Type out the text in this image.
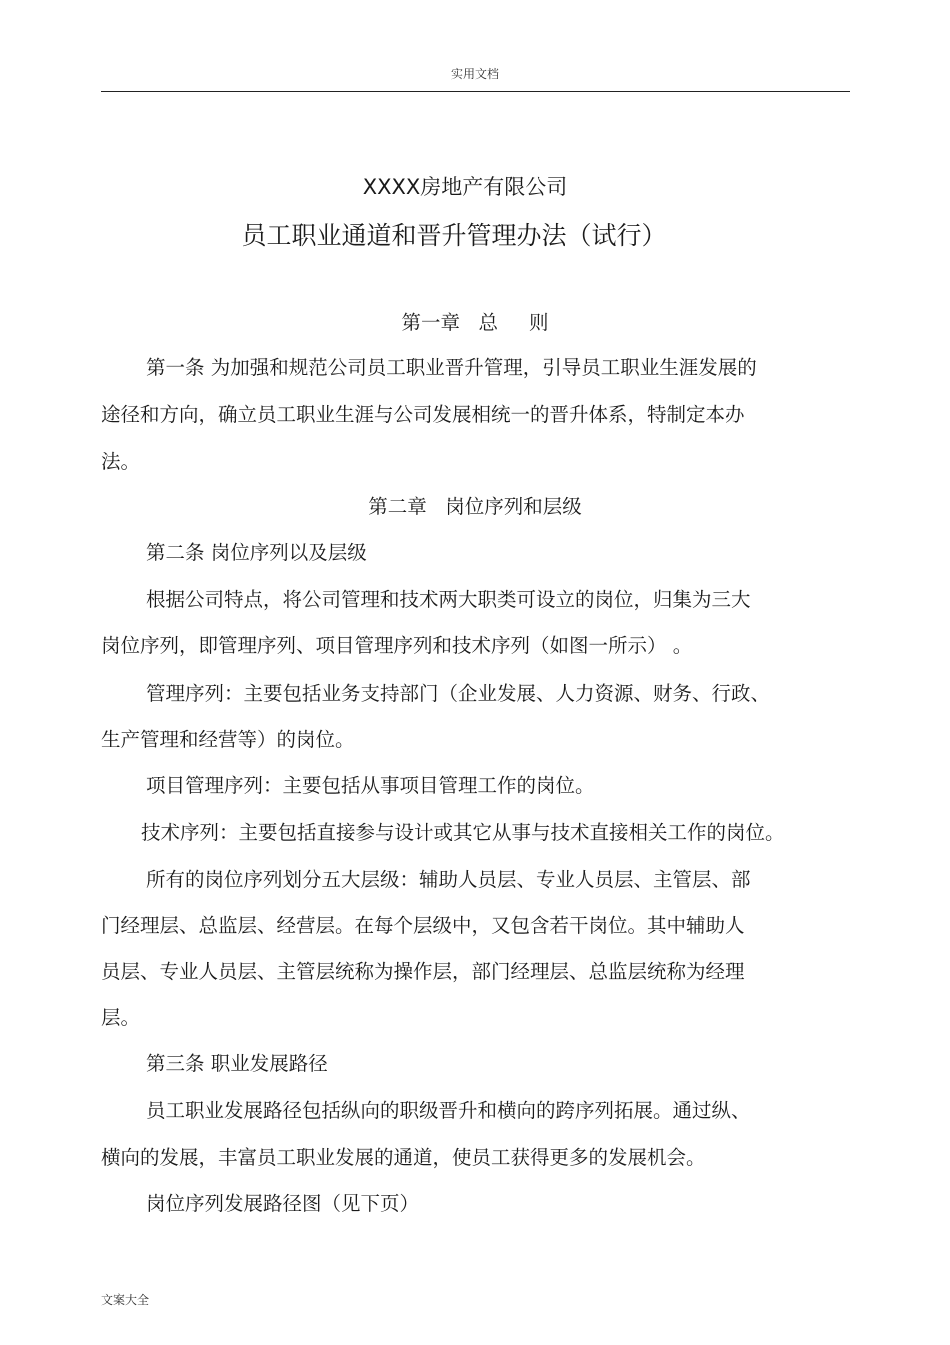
实用文档
XXXX房地产有限公司
员工职业通道和晋升管理办法（试行）
第一章   总     则
第一条 为加强和规范公司员工职业晋升管理，引导员工职业生涯发展的
途径和方向，确立员工职业生涯与公司发展相统一的晋升体系，特制定本办
法。
第二章   岗位序列和层级
第二条 岗位序列以及层级
根据公司特点，将公司管理和技术两大职类可设立的岗位，归集为三大
岗位序列，即管理序列、项目管理序列和技术序列（如图一所示） 。
管理序列：主要包括业务支持部门（企业发展、人力资源、财务、行政、
生产管理和经营等）的岗位。
项目管理序列：主要包括从事项目管理工作的岗位。
技术序列：主要包括直接参与设计或其它从事与技术直接相关工作的岗位。
所有的岗位序列划分五大层级：辅助人员层、专业人员层、主管层、部
门经理层、总监层、经营层。在每个层级中，又包含若干岗位。其中辅助人
员层、专业人员层、主管层统称为操作层，部门经理层、总监层统称为经理
层。
第三条 职业发展路径
员工职业发展路径包括纵向的职级晋升和横向的跨序列拓展。通过纵、
横向的发展，丰富员工职业发展的通道，使员工获得更多的发展机会。
岗位序列发展路径图（见下页）
文案大全
